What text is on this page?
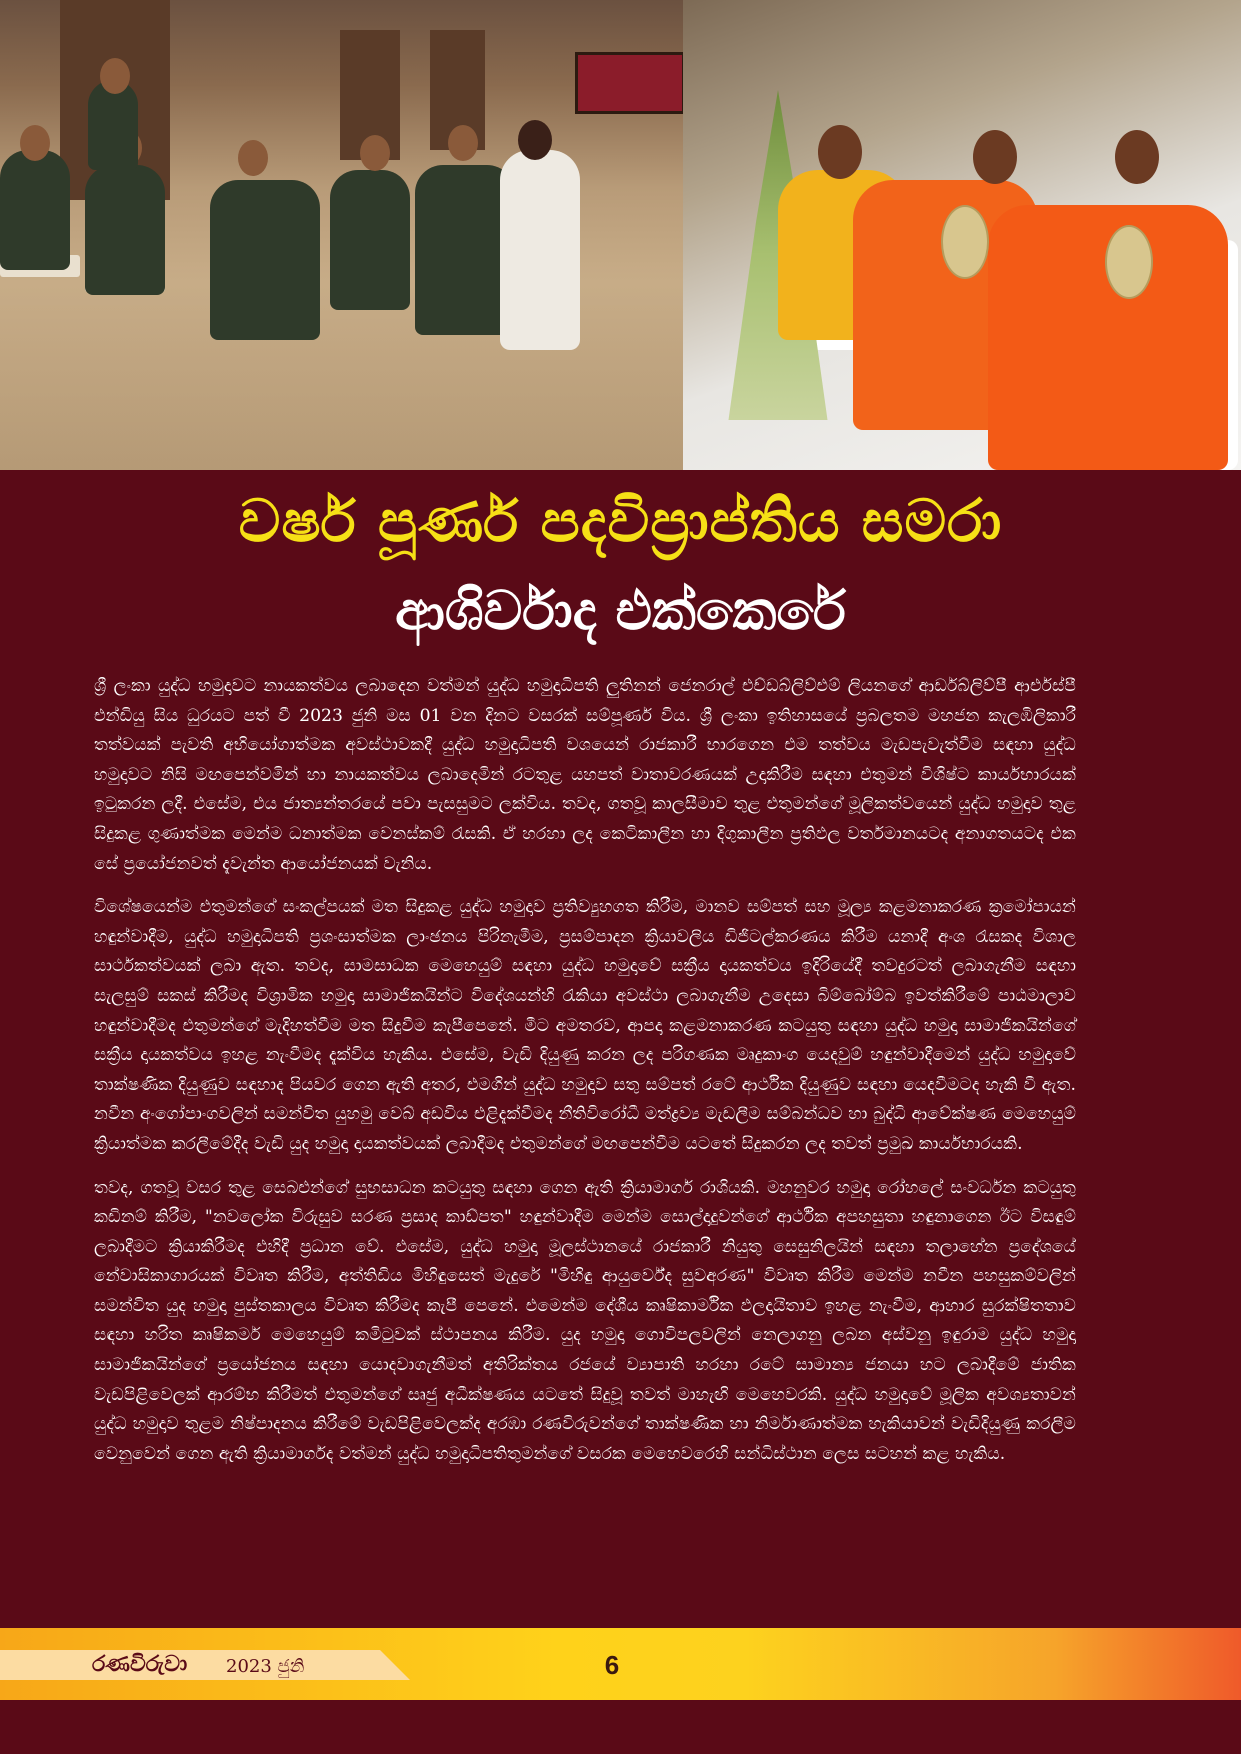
වර්ෂ පූර්ණ පදවිප්‍රාප්තිය සමරා
ආශිර්වාද එක්කෙරේ

ශ්‍රී ලංකා යුද්ධ හමුදාවට නායකත්වය ලබාදෙන වත්මන් යුද්ධ හමුදාධිපති ලුතිනන් ජෙනරාල් එච්ඩබ්ලිව්එම් ලියනගේ ආර්ඩබ්ලිව්පී ආර්එස්පී එන්ඩියු සිය ධුරයට පත් වී 2023 ජුනි මස 01 වන දිනට වසරක් සම්පූර්ණ විය. ශ්‍රී ලංකා ඉතිහාසයේ ප්‍රබලතම මහජන කැලඹිලිකාරී තත්වයක් පැවති අභියෝගාත්මක අවස්ථාවකදී යුද්ධ හමුදාධිපති වශයෙන් රාජකාරී භාරගෙන එම තත්වය මැඩපැවැත්වීම සඳහා යුද්ධ හමුදාවට නිසි මඟපෙන්වමින් හා නායකත්වය ලබාදෙමින් රටතුළ යහපත් වාතාවරණයක් උදාකිරීම සඳහා එතුමන් විශිෂ්ට කාර්යභාරයක් ඉටුකරන ලදී. එසේම, එය ජාත්‍යන්තරයේ පවා පැසසුමට ලක්විය. තවද, ගතවූ කාලසීමාව තුළ එතුමන්ගේ මූලිකත්වයෙන් යුද්ධ හමුදාව තුළ සිදුකළ ගුණාත්මක මෙන්ම ධනාත්මක වෙනස්කම් රැසකි. ඒ හරහා ලද කෙටිකාලීන හා දිගුකාලීන ප්‍රතිඵල වර්තමානයටද අනාගතයටද එක සේ ප්‍රයෝජනවත් දැවැන්ත ආයෝජනයක් වැනිය.

විශේෂයෙන්ම එතුමන්ගේ සංකල්පයක් මත සිදුකළ යුද්ධ හමුදාව ප්‍රතිව්‍යුහගත කිරීම, මානව සම්පත් සහ මූල්‍ය කළමනාකරණ ක්‍රමෝපායන් හඳුන්වාදීම, යුද්ධ හමුදාධිපති ප්‍රශංසාත්මක ලාංඡනය පිරිනැමීම, ප්‍රසම්පාදන ක්‍රියාවලිය ඩිජිටල්කරණය කිරීම යනාදී අංශ රැසකද විශාල සාර්ථකත්වයක් ලබා ඇත. තවද, සාමසාධක මෙහෙයුම් සඳහා යුද්ධ හමුදාවේ සක්‍රීය දායකත්වය ඉදිරියේදී තවදුරටත් ලබාගැනීම සඳහා සැලසුම් සකස් කිරීමද විශ්‍රාමික හමුදා සාමාජිකයින්ට විදේශයන්හි රැකියා අවස්ථා ලබාගැනීම උදෙසා බිම්බෝම්බ ඉවත්කිරීමේ පාඨමාලාව හඳුන්වාදීමද එතුමන්ගේ මැදිහත්වීම මත සිදුවීම කැපීපෙනේ. මීට අමතරව, ආපදා කළමනාකරණ කටයුතු සඳහා යුද්ධ හමුදා සාමාජිකයින්ගේ සක්‍රීය දායකත්වය ඉහළ නැංවීමද දැක්විය හැකිය. එසේම, වැඩි දියුණු කරන ලද පරිගණක මෘදුකාංග යෙදවුම් හඳුන්වාදීමෙන් යුද්ධ හමුදාවේ තාක්ෂණික දියුණුව සඳහාද පියවර ගෙන ඇති අතර, එමගින් යුද්ධ හමුදාව සතු සම්පත් රටේ ආර්ථික දියුණුව සඳහා යෙදවීමටද හැකි වී ඇත. නවීන අංගෝපාංගවලින් සමන්විත යුහමු වෙබ් අඩවිය එළිදැක්වීමද නීතිවිරෝධී මත්ද්‍රව්‍ය මැඩලීම සම්බන්ධව හා බුද්ධි ආවේක්ෂණ මෙහෙයුම් ක්‍රියාත්මක කරලීමේදීද වැඩි යුද හමුදා දායකත්වයක් ලබාදීමද එතුමන්ගේ මඟපෙන්වීම යටතේ සිදුකරන ලද තවත් ප්‍රමුඛ කාර්යභාරයකි.

තවද, ගතවූ වසර තුළ සෙබළුන්ගේ සුභසාධන කටයුතු සඳහා ගෙන ඇති ක්‍රියාමාර්ග රාශියකි. මහනුවර හමුදා රෝහලේ සංවර්ධන කටයුතු කඩිනම් කිරීම, "නවලෝක විරුසුව සරණ ප්‍රසාද කාඩ්පත" හඳුන්වාදීම මෙන්ම සොල්දාදුවන්ගේ ආර්ථික අපහසුතා හඳුනාගෙන ඊට විසඳුම් ලබාදීමට ක්‍රියාකිරීමද එහිදී ප්‍රධාන වේ. එසේම, යුද්ධ හමුදා මූලස්ථානයේ රාජකාරී නියුතු සෙසුනිලයින් සඳහා තලාහේන ප්‍රදේශයේ නේවාසිකාගාරයක් විවෘත කිරීම, අත්තිඩිය මිහිඳුසෙත් මැදුරේ "මිහිඳු ආයුර්වේද සුවඅරණ" විවෘත කිරීම මෙන්ම නවීන පහසුකම්වලින් සමන්විත යුද හමුදා පුස්තකාලය විවෘත කිරීමද කැපී පෙනේ. එමෙන්ම දේශීය කෘෂිකාර්මික ඵලදායිතාව ඉහළ නැංවීම, ආහාර සුරක්ෂිතතාව සඳහා හරිත කෘෂිකර්ම මෙහෙයුම් කමිටුවක් ස්ථාපනය කිරීම. යුද හමුදා ගොවිපලවලින් නෙලාගනු ලබන අස්වනු ඉඳුරාම යුද්ධ හමුදා සාමාජිකයින්ගේ ප්‍රයෝජනය සඳහා යොදවාගැනීමත් අතිරික්තය රජයේ ව්‍යාපාති හරහා රටේ සාමාන්‍ය ජනයා හට ලබාදීමේ ජාතික වැඩපිළිවෙලක් ආරම්භ කිරීමත් එතුමන්ගේ සෘජු අධීක්ෂණය යටතේ සිදුවූ තවත් මාහැඟි මෙහෙවරකි. යුද්ධ හමුදාවේ මූලික අවශ්‍යතාවන් යුද්ධ හමුදාව තුළම නිෂ්පාදනය කිරීමේ වැඩපිළිවෙලක්ද අරඹා රණවිරුවන්ගේ තාක්ෂණික හා නිර්මාණාත්මක හැකියාවන් වැඩිදියුණු කරලීම වෙනුවෙන් ගෙන ඇති ක්‍රියාමාර්ගද වත්මන් යුද්ධ හමුදාධිපතිතුමන්ගේ වසරක මෙහෙවරෙහි සන්ධිස්ථාන ලෙස සටහන් කළ හැකිය.

රණවිරුවා 2023 ජුනි	6
